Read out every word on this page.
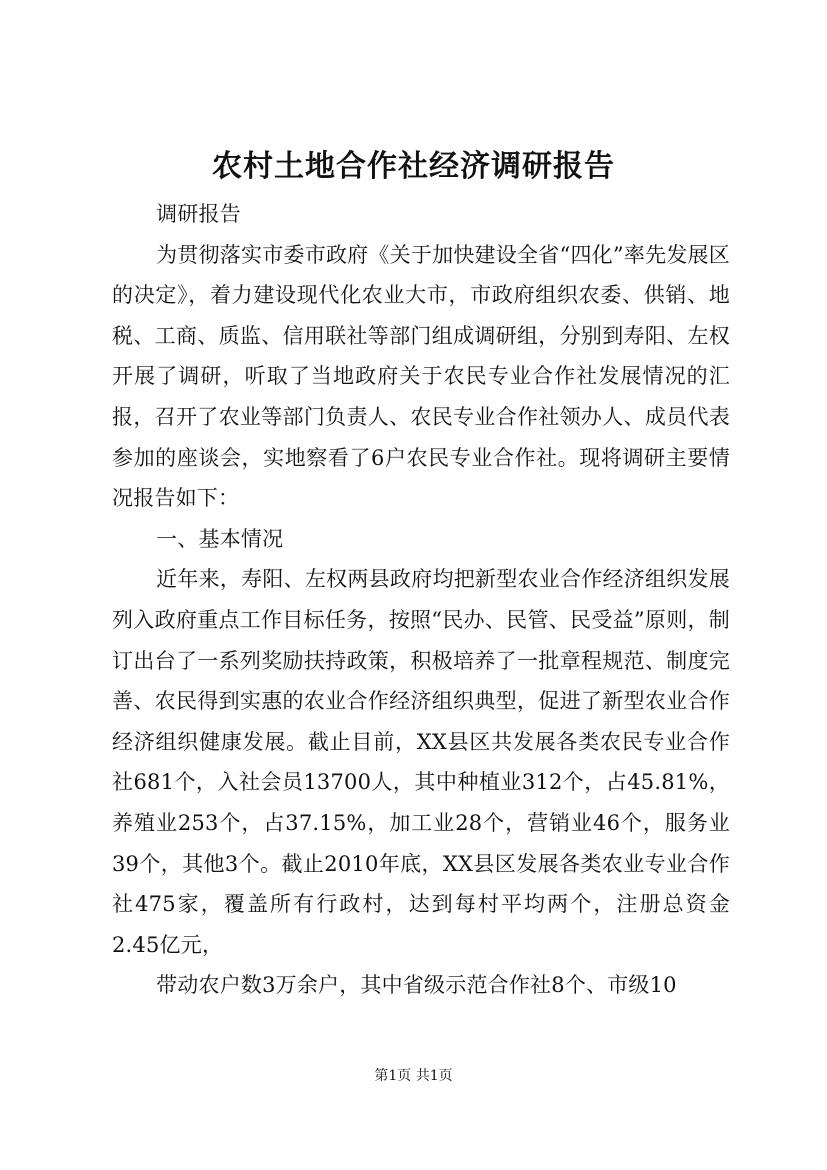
农村土地合作社经济调研报告

调研报告

为贯彻落实市委市政府《关于加快建设全省“四化”率先发展区的决定》，着力建设现代化农业大市，市政府组织农委、供销、地税、工商、质监、信用联社等部门组成调研组，分别到寿阳、左权开展了调研，听取了当地政府关于农民专业合作社发展情况的汇报，召开了农业等部门负责人、农民专业合作社领办人、成员代表参加的座谈会，实地察看了6户农民专业合作社。现将调研主要情况报告如下：

一、基本情况

近年来，寿阳、左权两县政府均把新型农业合作经济组织发展列入政府重点工作目标任务，按照“民办、民管、民受益”原则，制订出台了一系列奖励扶持政策，积极培养了一批章程规范、制度完善、农民得到实惠的农业合作经济组织典型，促进了新型农业合作经济组织健康发展。截止目前，XX县区共发展各类农民专业合作社681个，入社会员13700人，其中种植业312个，占45.81%，养殖业253个，占37.15%，加工业28个，营销业46个，服务业39个，其他3个。截止2010年底，XX县区发展各类农业专业合作社475家，覆盖所有行政村，达到每村平均两个，注册总资金2.45亿元，

带动农户数3万余户，其中省级示范合作社8个、市级10

第1页 共1页
